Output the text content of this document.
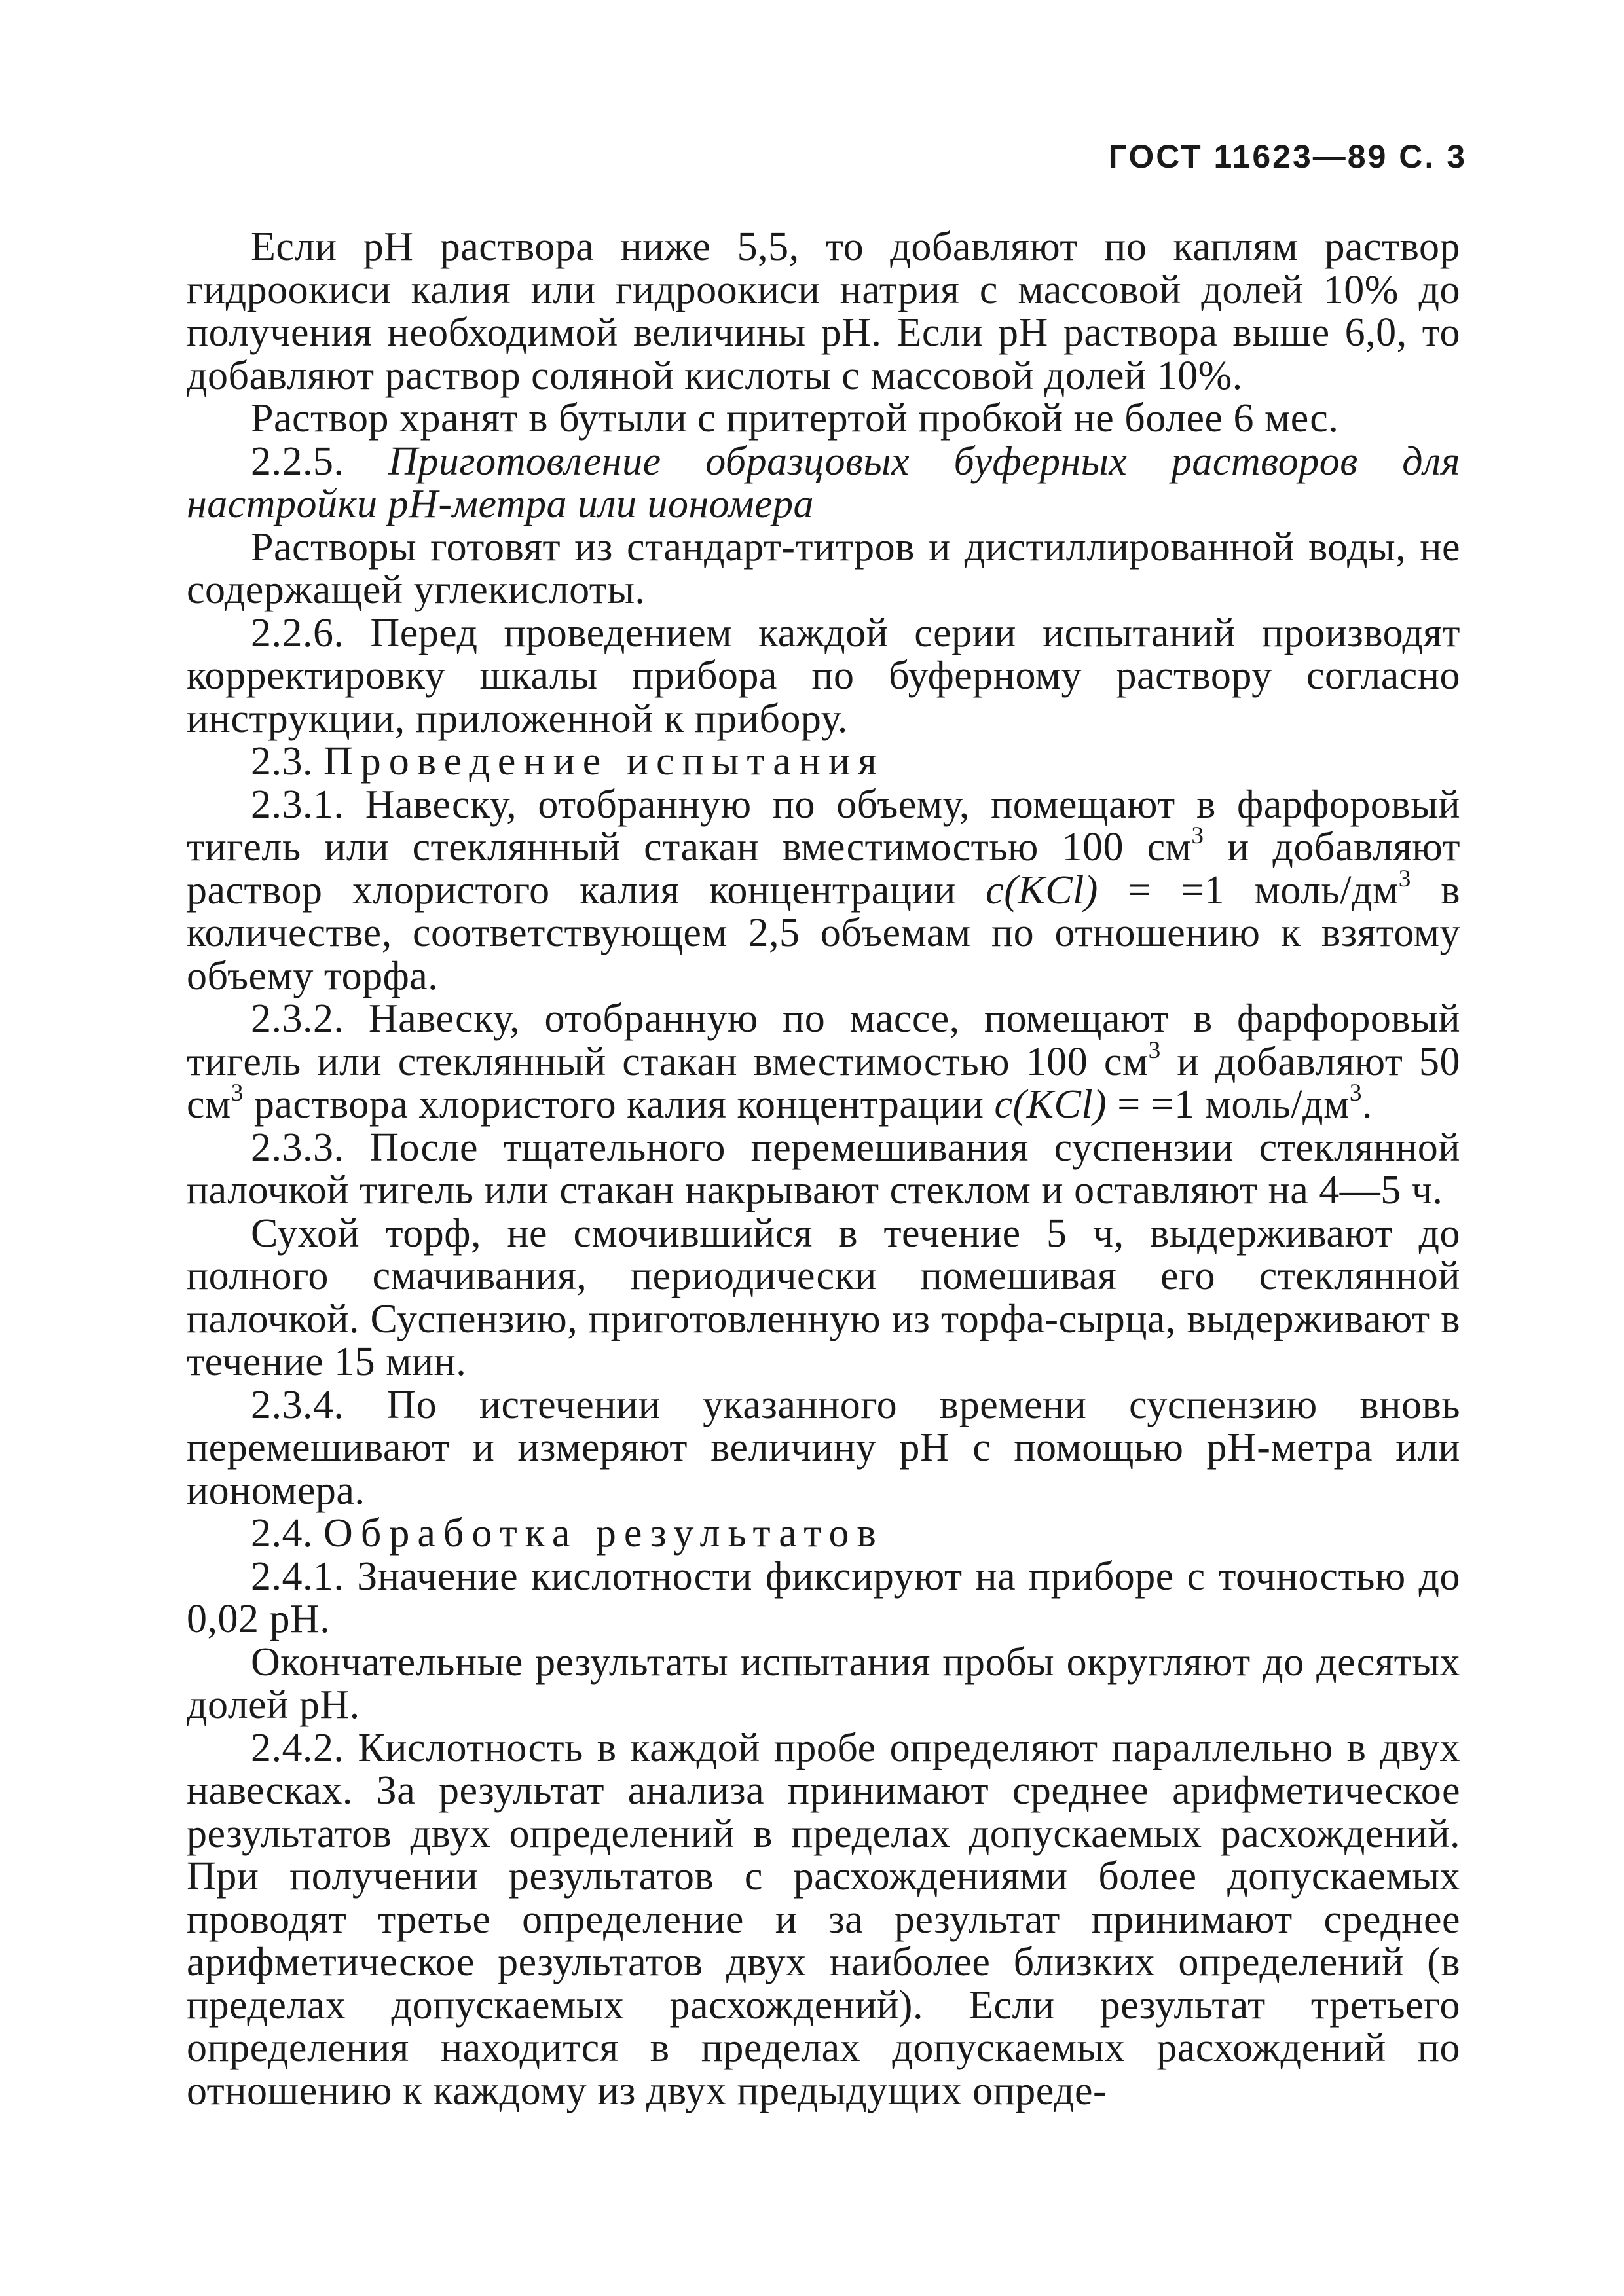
ГОСТ 11623—89 С. 3

Если рН раствора ниже 5,5, то добавляют по каплям раствор гидроокиси калия или гидроокиси натрия с массовой долей 10% до получения необходимой величины рН. Если рН раствора выше 6,0, то добавляют раствор соляной кислоты с массовой долей 10%.

Раствор хранят в бутыли с притертой пробкой не более 6 мес.

2.2.5. Приготовление образцовых буферных растворов для настройки рН-метра или иономера

Растворы готовят из стандарт-титров и дистиллированной воды, не содержащей углекислоты.

2.2.6. Перед проведением каждой серии испытаний производят корректировку шкалы прибора по буферному раствору согласно инструкции, приложенной к прибору.

2.3. Проведение испытания

2.3.1. Навеску, отобранную по объему, помещают в фарфоровый тигель или стеклянный стакан вместимостью 100 $см^3$ и добавляют раствор хлористого калия концентрации c(KCl) = =1 моль/$дм^3$ в количестве, соответствующем 2,5 объемам по отношению к взятому объему торфа.

2.3.2. Навеску, отобранную по массе, помещают в фарфоровый тигель или стеклянный стакан вместимостью 100 $см^3$ и добавляют 50 $см^3$ раствора хлористого калия концентрации c(KCl) = =1 моль/$дм^3$.

2.3.3. После тщательного перемешивания суспензии стеклянной палочкой тигель или стакан накрывают стеклом и оставляют на 4—5 ч.

Сухой торф, не смочившийся в течение 5 ч, выдерживают до полного смачивания, периодически помешивая его стеклянной палочкой. Суспензию, приготовленную из торфа-сырца, выдерживают в течение 15 мин.

2.3.4. По истечении указанного времени суспензию вновь перемешивают и измеряют величину рН с помощью рН-метра или иономера.

2.4. Обработка результатов

2.4.1. Значение кислотности фиксируют на приборе с точностью до 0,02 рН.

Окончательные результаты испытания пробы округляют до десятых долей рН.

2.4.2. Кислотность в каждой пробе определяют параллельно в двух навесках. За результат анализа принимают среднее арифметическое результатов двух определений в пределах допускаемых расхождений. При получении результатов с расхождениями более допускаемых проводят третье определение и за результат принимают среднее арифметическое результатов двух наиболее близких определений (в пределах допускаемых расхождений). Если результат третьего определения находится в пределах допускаемых расхождений по отношению к каждому из двух предыдущих опреде-
